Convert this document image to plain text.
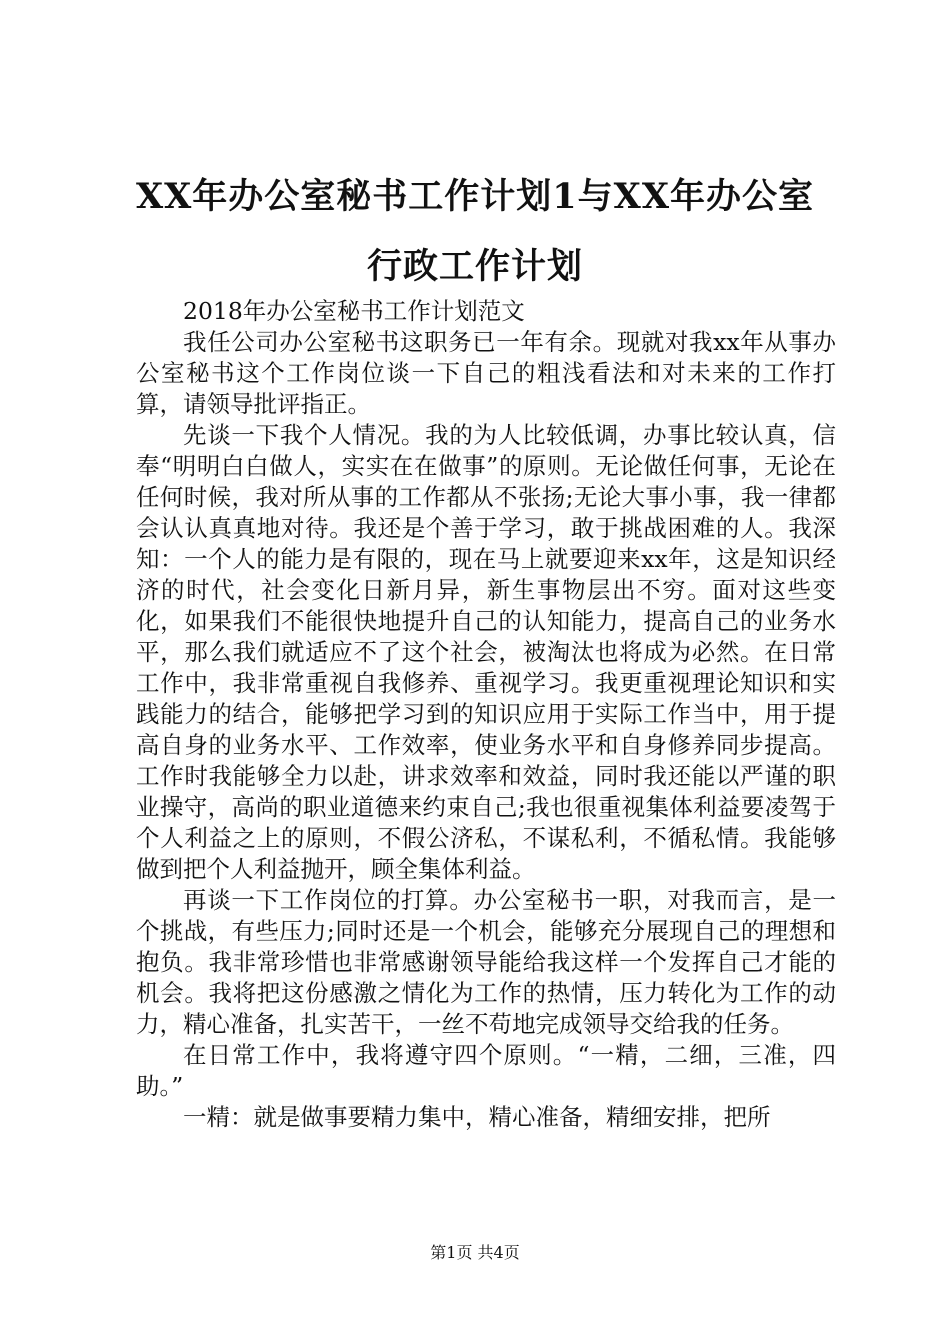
XX年办公室秘书工作计划1与XX年办公室行政工作计划

2018年办公室秘书工作计划范文

我任公司办公室秘书这职务已一年有余。现就对我xx年从事办公室秘书这个工作岗位谈一下自己的粗浅看法和对未来的工作打算，请领导批评指正。

先谈一下我个人情况。我的为人比较低调，办事比较认真，信奉“明明白白做人，实实在在做事”的原则。无论做任何事，无论在任何时候，我对所从事的工作都从不张扬;无论大事小事，我一律都会认认真真地对待。我还是个善于学习，敢于挑战困难的人。我深知：一个人的能力是有限的，现在马上就要迎来xx年，这是知识经济的时代，社会变化日新月异，新生事物层出不穷。面对这些变化，如果我们不能很快地提升自己的认知能力，提高自己的业务水平，那么我们就适应不了这个社会，被淘汰也将成为必然。在日常工作中，我非常重视自我修养、重视学习。我更重视理论知识和实践能力的结合，能够把学习到的知识应用于实际工作当中，用于提高自身的业务水平、工作效率，使业务水平和自身修养同步提高。工作时我能够全力以赴，讲求效率和效益，同时我还能以严谨的职业操守，高尚的职业道德来约束自己;我也很重视集体利益要凌驾于个人利益之上的原则，不假公济私，不谋私利，不循私情。我能够做到把个人利益抛开，顾全集体利益。

再谈一下工作岗位的打算。办公室秘书一职，对我而言，是一个挑战，有些压力;同时还是一个机会，能够充分展现自己的理想和抱负。我非常珍惜也非常感谢领导能给我这样一个发挥自己才能的机会。我将把这份感激之情化为工作的热情，压力转化为工作的动力，精心准备，扎实苦干，一丝不苟地完成领导交给我的任务。

在日常工作中，我将遵守四个原则。“一精，二细，三准，四助。”

一精：就是做事要精力集中，精心准备，精细安排，把所

第1页 共4页
